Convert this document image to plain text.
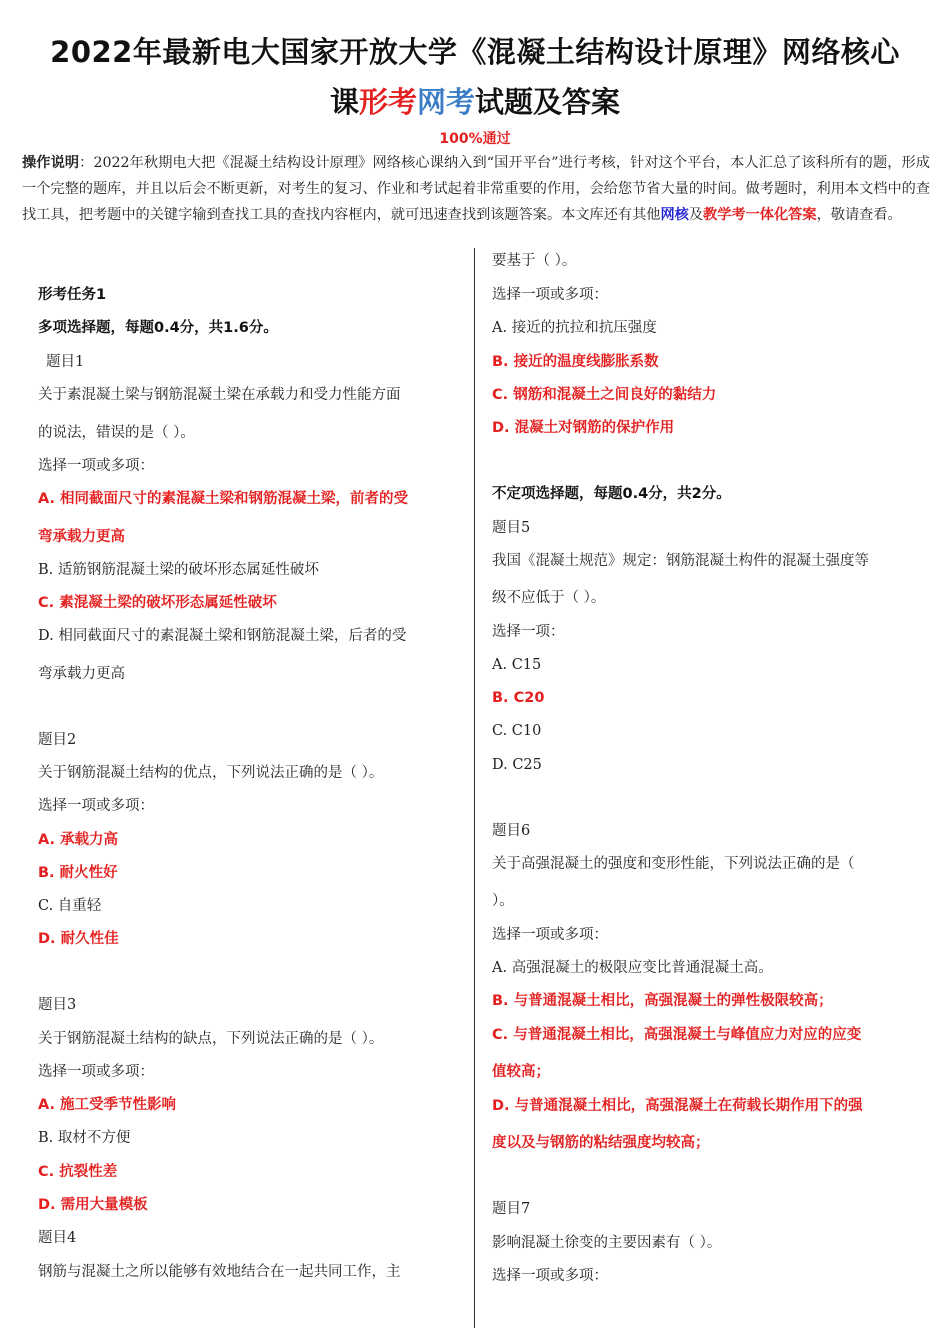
2022年最新电大国家开放大学《混凝土结构设计原理》网络核心
课形考网考试题及答案
100%通过
操作说明：2022年秋期电大把《混凝土结构设计原理》网络核心课纳入到“国开平台”进行考核，针对这个平台，本人汇总了该科所有的题，形成一个完整的题库，并且以后会不断更新，对考生的复习、作业和考试起着非常重要的作用，会给您节省大量的时间。做考题时，利用本文档中的查找工具，把考题中的关键字输到查找工具的查找内容框内，就可迅速查找到该题答案。本文库还有其他网核及教学考一体化答案，敬请查看。
形考任务1
多项选择题，每题0.4分，共1.6分。
题目1
关于素混凝土梁与钢筋混凝土梁在承载力和受力性能方面
的说法，错误的是（ ）。
选择一项或多项：
A. 相同截面尺寸的素混凝土梁和钢筋混凝土梁，前者的受
弯承载力更高
B. 适筋钢筋混凝土梁的破坏形态属延性破坏
C. 素混凝土梁的破坏形态属延性破坏
D. 相同截面尺寸的素混凝土梁和钢筋混凝土梁，后者的受
弯承载力更高
题目2
关于钢筋混凝土结构的优点，下列说法正确的是（ ）。
选择一项或多项：
A. 承载力高
B. 耐火性好
C. 自重轻
D. 耐久性佳
题目3
关于钢筋混凝土结构的缺点，下列说法正确的是（ ）。
选择一项或多项：
A. 施工受季节性影响
B. 取材不方便
C. 抗裂性差
D. 需用大量模板
题目4
钢筋与混凝土之所以能够有效地结合在一起共同工作，主
要基于（ ）。
选择一项或多项：
A. 接近的抗拉和抗压强度
B. 接近的温度线膨胀系数
C. 钢筋和混凝土之间良好的黏结力
D. 混凝土对钢筋的保护作用
不定项选择题，每题0.4分，共2分。
题目5
我国《混凝土规范》规定：钢筋混凝土构件的混凝土强度等
级不应低于（ ）。
选择一项：
A. C15
B. C20
C. C10
D. C25
题目6
关于高强混凝土的强度和变形性能，下列说法正确的是（
）。
选择一项或多项：
A. 高强混凝土的极限应变比普通混凝土高。
B. 与普通混凝土相比，高强混凝土的弹性极限较高；
C. 与普通混凝土相比，高强混凝土与峰值应力对应的应变
值较高；
D. 与普通混凝土相比，高强混凝土在荷载长期作用下的强
度以及与钢筋的粘结强度均较高；
题目7
影响混凝土徐变的主要因素有（ ）。
选择一项或多项：
